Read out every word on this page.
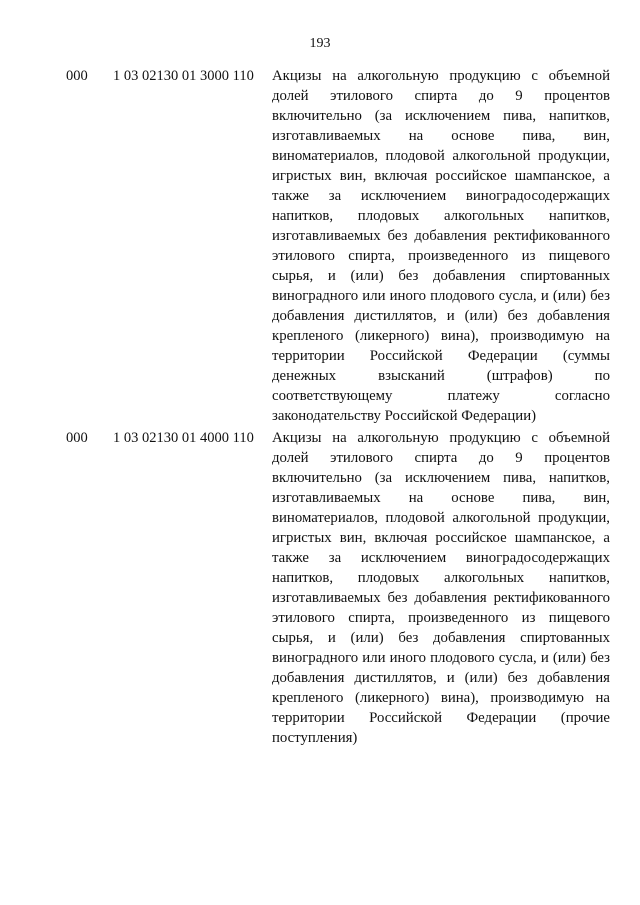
193
000 1 03 02130 01 3000 110 Акцизы на алкогольную продукцию с объемной
долей этилового спирта до 9 процентов
включительно (за исключением пива, напитков,
изготавливаемых на основе пива, вин,
виноматериалов, плодовой алкогольной продукции,
игристых вин, включая российское шампанское, а
также за исключением виноградосодержащих
напитков, плодовых алкогольных напитков,
изготавливаемых без добавления ректификованного
этилового спирта, произведенного из пищевого
сырья, и (или) без добавления спиртованных
виноградного или иного плодового сусла, и (или) без
добавления дистиллятов, и (или) без добавления
крепленого (ликерного) вина), производимую на
территории Российской Федерации (суммы
денежных взысканий (штрафов) по
соответствующему платежу согласно
законодательству Российской Федерации)
000 1 03 02130 01 4000 110 Акцизы на алкогольную продукцию с объемной
долей этилового спирта до 9 процентов
включительно (за исключением пива, напитков,
изготавливаемых на основе пива, вин,
виноматериалов, плодовой алкогольной продукции,
игристых вин, включая российское шампанское, а
также за исключением виноградосодержащих
напитков, плодовых алкогольных напитков,
изготавливаемых без добавления ректификованного
этилового спирта, произведенного из пищевого
сырья, и (или) без добавления спиртованных
виноградного или иного плодового сусла, и (или) без
добавления дистиллятов, и (или) без добавления
крепленого (ликерного) вина), производимую на
территории Российской Федерации (прочие
поступления)
